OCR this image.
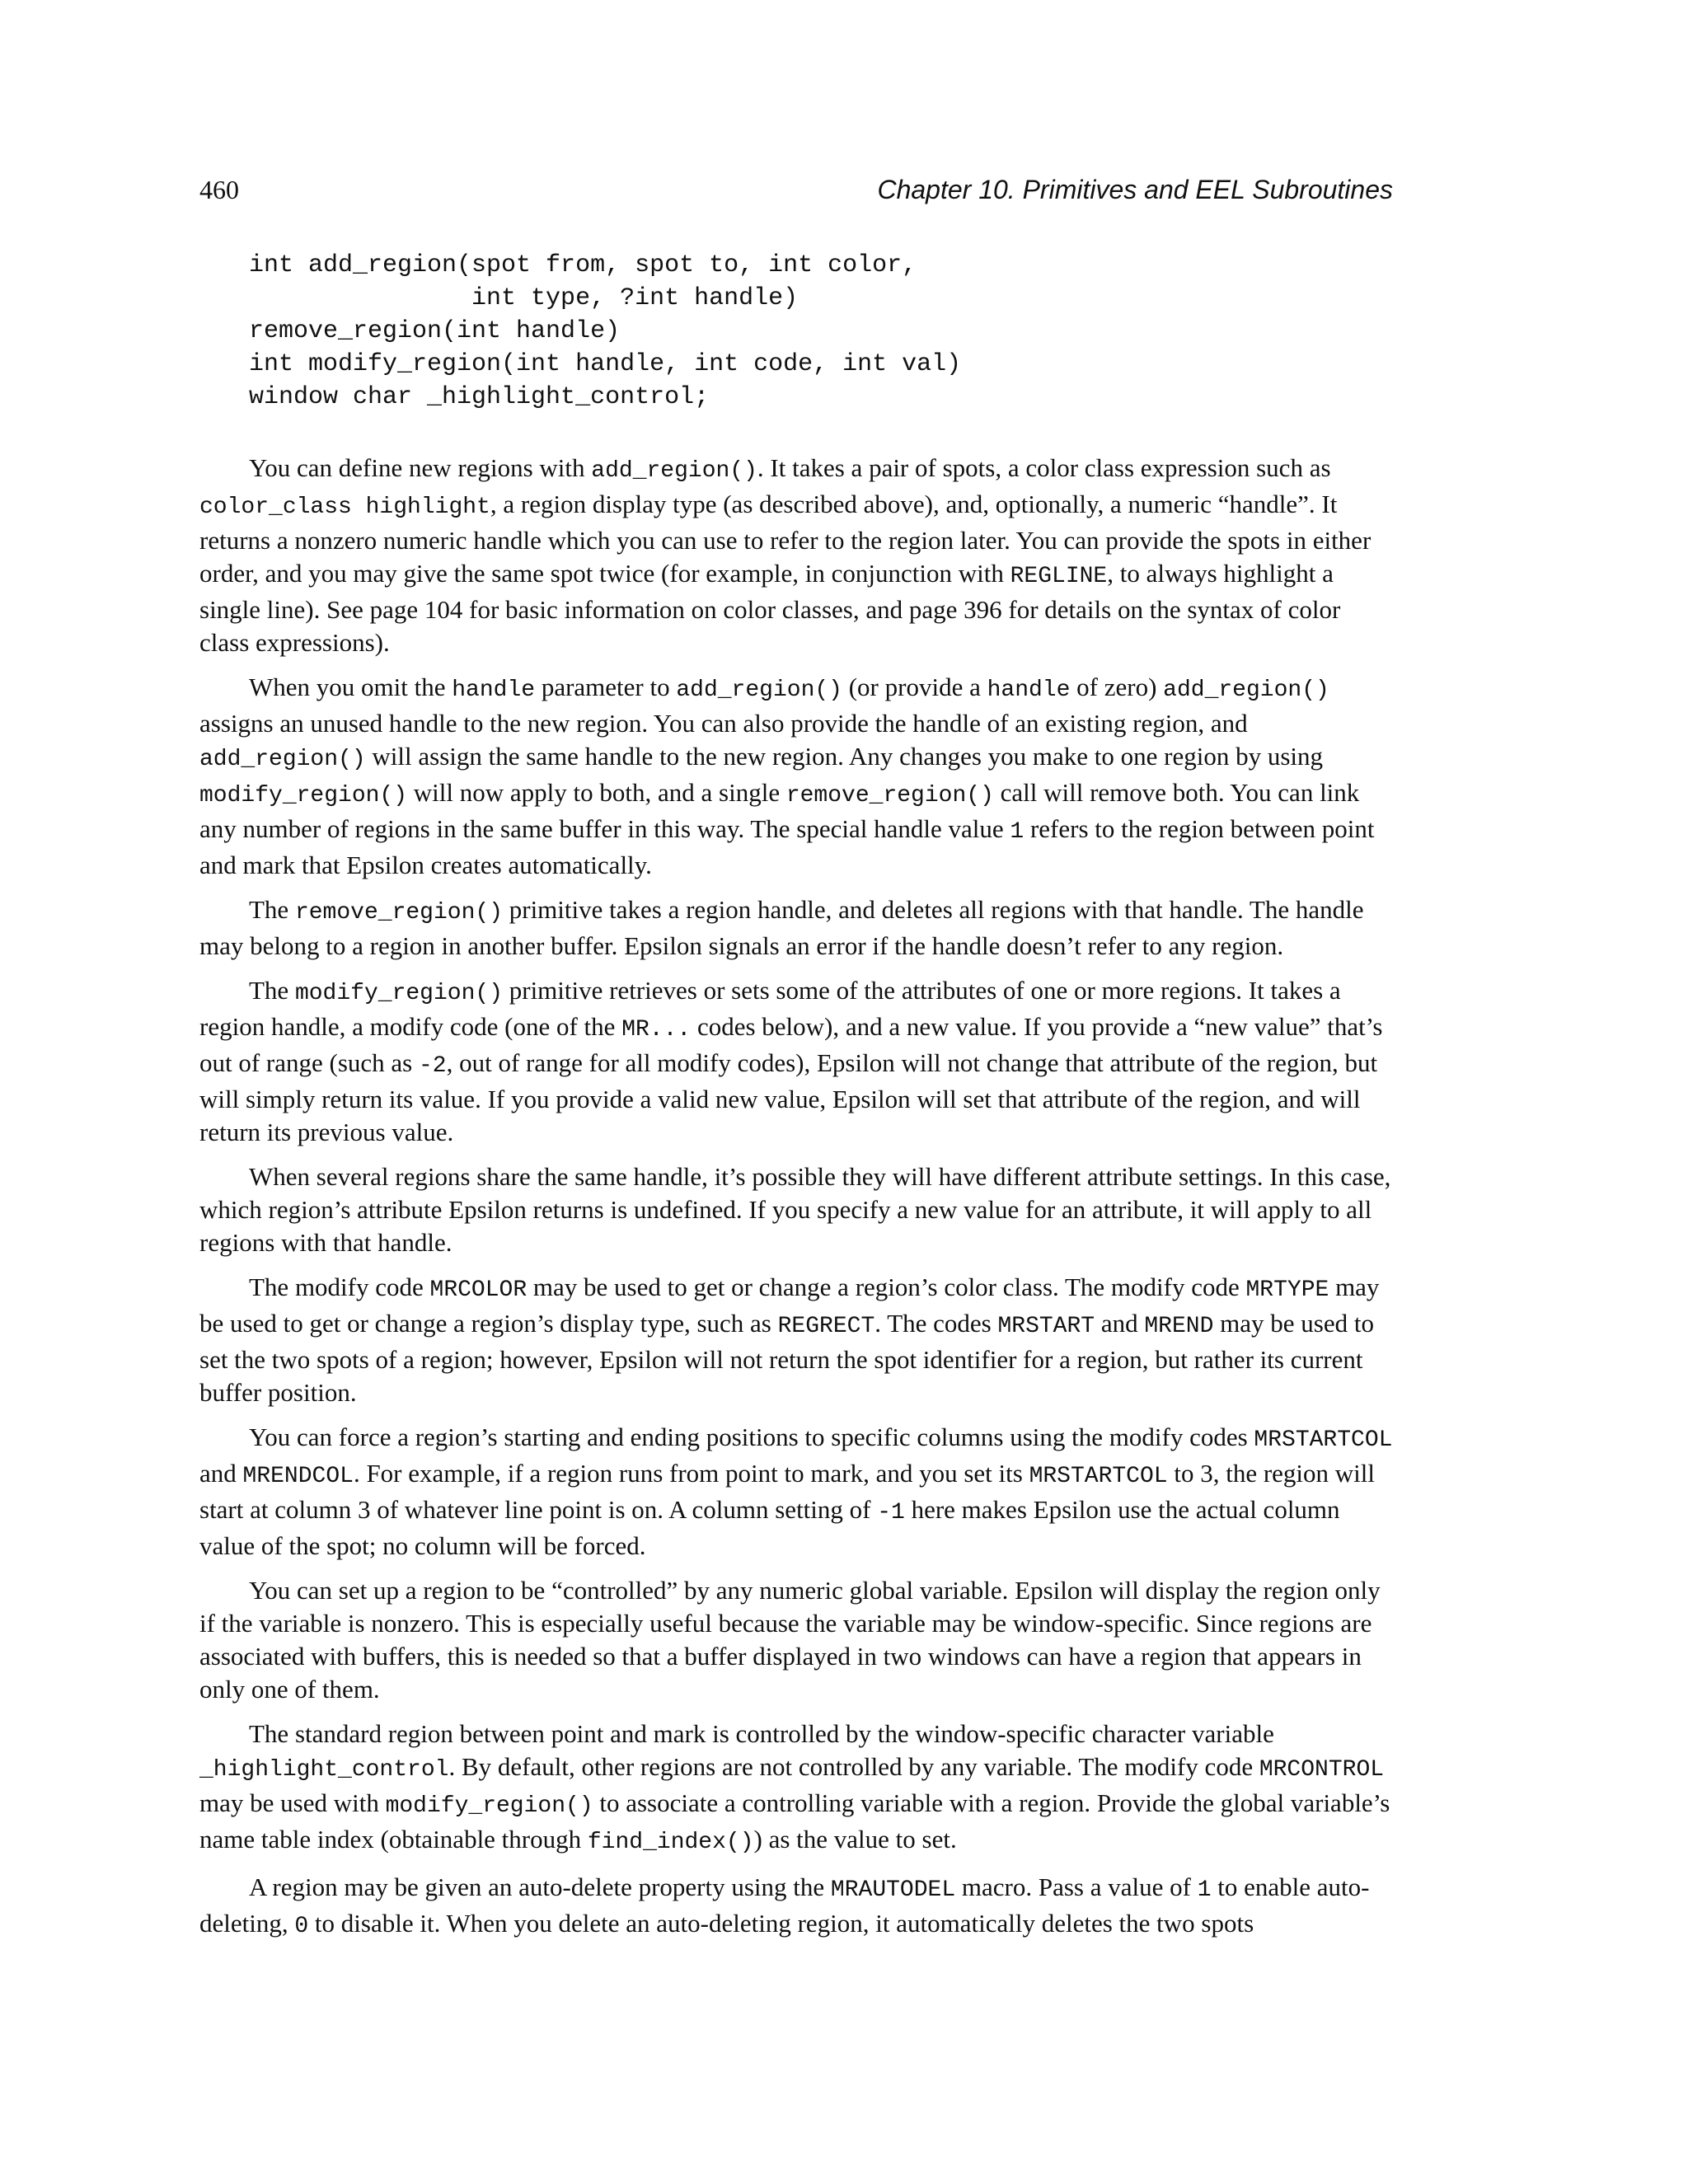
460	Chapter 10. Primitives and EEL Subroutines
int add_region(spot from, spot to, int color,
int type, ?int handle)
remove_region(int handle)
int modify_region(int handle, int code, int val)
window char _highlight_control;

You can define new regions with add_region(). It takes a pair of spots, a color class expression such as color_class highlight, a region display type (as described above), and, optionally, a numeric “handle”. It returns a nonzero numeric handle which you can use to refer to the region later. You can provide the spots in either order, and you may give the same spot twice (for example, in conjunction with REGLINE, to always highlight a single line). See page 104 for basic information on color classes, and page 396 for details on the syntax of color class expressions).

When you omit the handle parameter to add_region() (or provide a handle of zero) add_region() assigns an unused handle to the new region. You can also provide the handle of an existing region, and add_region() will assign the same handle to the new region. Any changes you make to one region by using modify_region() will now apply to both, and a single remove_region() call will remove both. You can link any number of regions in the same buffer in this way. The special handle value 1 refers to the region between point and mark that Epsilon creates automatically.

The remove_region() primitive takes a region handle, and deletes all regions with that handle. The handle may belong to a region in another buffer. Epsilon signals an error if the handle doesn’t refer to any region.

The modify_region() primitive retrieves or sets some of the attributes of one or more regions. It takes a region handle, a modify code (one of the MR... codes below), and a new value. If you provide a “new value” that’s out of range (such as -2, out of range for all modify codes), Epsilon will not change that attribute of the region, but will simply return its value. If you provide a valid new value, Epsilon will set that attribute of the region, and will return its previous value.

When several regions share the same handle, it’s possible they will have different attribute settings. In this case, which region’s attribute Epsilon returns is undefined. If you specify a new value for an attribute, it will apply to all regions with that handle.

The modify code MRCOLOR may be used to get or change a region’s color class. The modify code MRTYPE may be used to get or change a region’s display type, such as REGRECT. The codes MRSTART and MREND may be used to set the two spots of a region; however, Epsilon will not return the spot identifier for a region, but rather its current buffer position.

You can force a region’s starting and ending positions to specific columns using the modify codes MRSTARTCOL and MRENDCOL. For example, if a region runs from point to mark, and you set its MRSTARTCOL to 3, the region will start at column 3 of whatever line point is on. A column setting of -1 here makes Epsilon use the actual column value of the spot; no column will be forced.

You can set up a region to be “controlled” by any numeric global variable. Epsilon will display the region only if the variable is nonzero. This is especially useful because the variable may be window-specific. Since regions are associated with buffers, this is needed so that a buffer displayed in two windows can have a region that appears in only one of them.

The standard region between point and mark is controlled by the window-specific character variable _highlight_control. By default, other regions are not controlled by any variable. The modify code MRCONTROL may be used with modify_region() to associate a controlling variable with a region. Provide the global variable’s name table index (obtainable through find_index()) as the value to set.

A region may be given an auto-delete property using the MRAUTODEL macro. Pass a value of 1 to enable auto-deleting, 0 to disable it. When you delete an auto-deleting region, it automatically deletes the two spots
